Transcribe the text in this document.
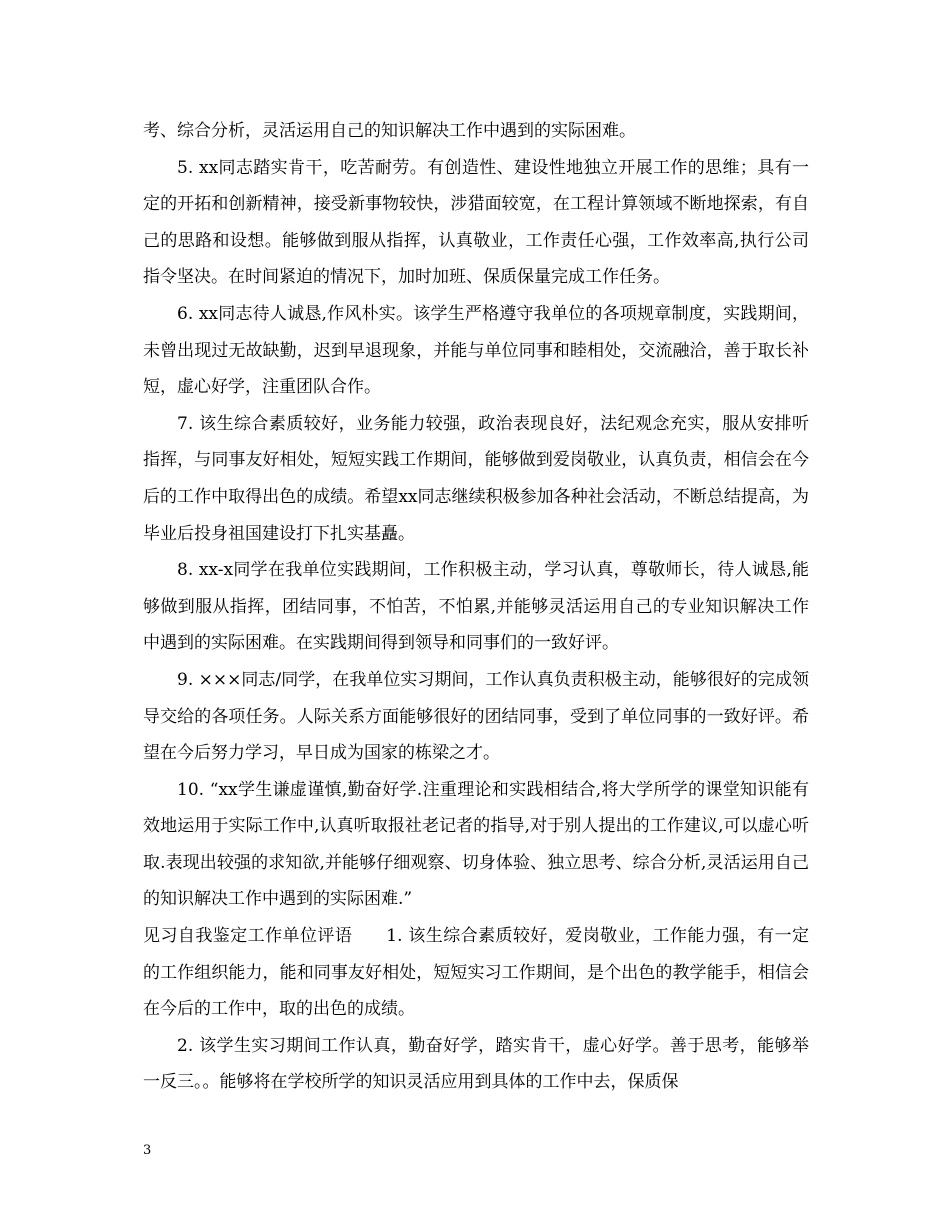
考、综合分析，灵活运用自己的知识解决工作中遇到的实际困难。

5. xx同志踏实肯干，吃苦耐劳。有创造性、建设性地独立开展工作的思维；具有一定的开拓和创新精神，接受新事物较快，涉猎面较宽，在工程计算领域不断地探索，有自己的思路和设想。能够做到服从指挥，认真敬业，工作责任心强，工作效率高,执行公司指令坚决。在时间紧迫的情况下，加时加班、保质保量完成工作任务。

6. xx同志待人诚恳,作风朴实。该学生严格遵守我单位的各项规章制度，实践期间，未曾出现过无故缺勤，迟到早退现象，并能与单位同事和睦相处，交流融洽，善于取长补短，虚心好学，注重团队合作。

7. 该生综合素质较好，业务能力较强，政治表现良好，法纪观念充实，服从安排听指挥，与同事友好相处，短短实践工作期间，能够做到爱岗敬业，认真负责，相信会在今后的工作中取得出色的成绩。希望xx同志继续积极参加各种社会活动，不断总结提高，为毕业后投身祖国建设打下扎实基矗。

8. xx-x同学在我单位实践期间，工作积极主动，学习认真，尊敬师长，待人诚恳,能够做到服从指挥，团结同事，不怕苦，不怕累,并能够灵活运用自己的专业知识解决工作中遇到的实际困难。在实践期间得到领导和同事们的一致好评。

9. ×××同志/同学，在我单位实习期间，工作认真负责积极主动，能够很好的完成领导交给的各项任务。人际关系方面能够很好的团结同事，受到了单位同事的一致好评。希望在今后努力学习，早日成为国家的栋梁之才。

10. “xx学生谦虚谨慎,勤奋好学.注重理论和实践相结合,将大学所学的课堂知识能有效地运用于实际工作中,认真听取报社老记者的指导,对于别人提出的工作建议,可以虚心听取.表现出较强的求知欲,并能够仔细观察、切身体验、独立思考、综合分析,灵活运用自己的知识解决工作中遇到的实际困难.”

见习自我鉴定工作单位评语 1. 该生综合素质较好，爱岗敬业，工作能力强，有一定的工作组织能力，能和同事友好相处，短短实习工作期间，是个出色的教学能手，相信会在今后的工作中，取的出色的成绩。

2. 该学生实习期间工作认真，勤奋好学，踏实肯干，虚心好学。善于思考，能够举一反三。。能够将在学校所学的知识灵活应用到具体的工作中去，保质保

3
